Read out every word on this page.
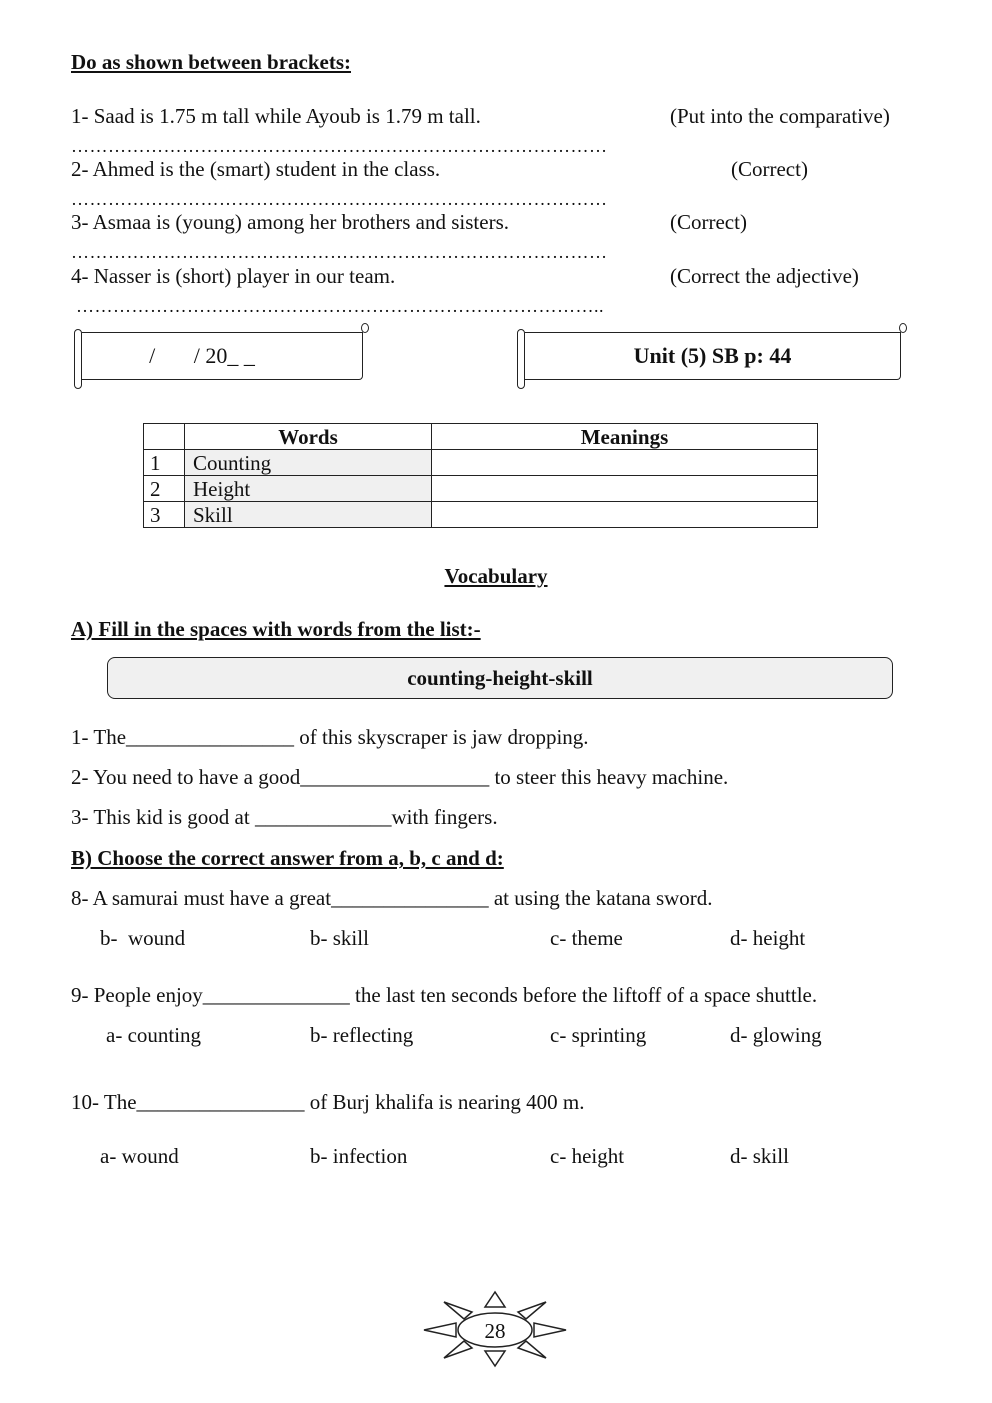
Do as shown between brackets:
1- Saad is 1.75 m tall while Ayoub is 1.79 m tall.	(Put into the comparative)
……………………………………………………………………………
2- Ahmed is the (smart) student in the class.	(Correct)
……………………………………………………………………………
3- Asmaa is (young) among her brothers and sisters.	(Correct)
……………………………………………………………………………
4- Nasser is (short) player in our team.	(Correct the adjective)
…………………………………………………………………………..
/       / 20_ _	Unit (5) SB p: 44
	Words	Meanings
1	Counting	
2	Height	
3	Skill	
Vocabulary
A) Fill in the spaces with words from the list:-
counting-height-skill
1- The________________ of this skyscraper is jaw dropping.
2- You need to have a good__________________ to steer this heavy machine.
3- This kid is good at _____________with fingers.
B) Choose the correct answer from a, b, c and d:
8- A samurai must have a great_______________ at using the katana sword.
b-  wound	b- skill	c- theme	d- height
9- People enjoy______________ the last ten seconds before the liftoff of a space shuttle.
a- counting	b- reflecting	c- sprinting	d- glowing
10- The________________ of Burj khalifa is nearing 400 m.
a- wound	b- infection	c- height	d- skill
28
